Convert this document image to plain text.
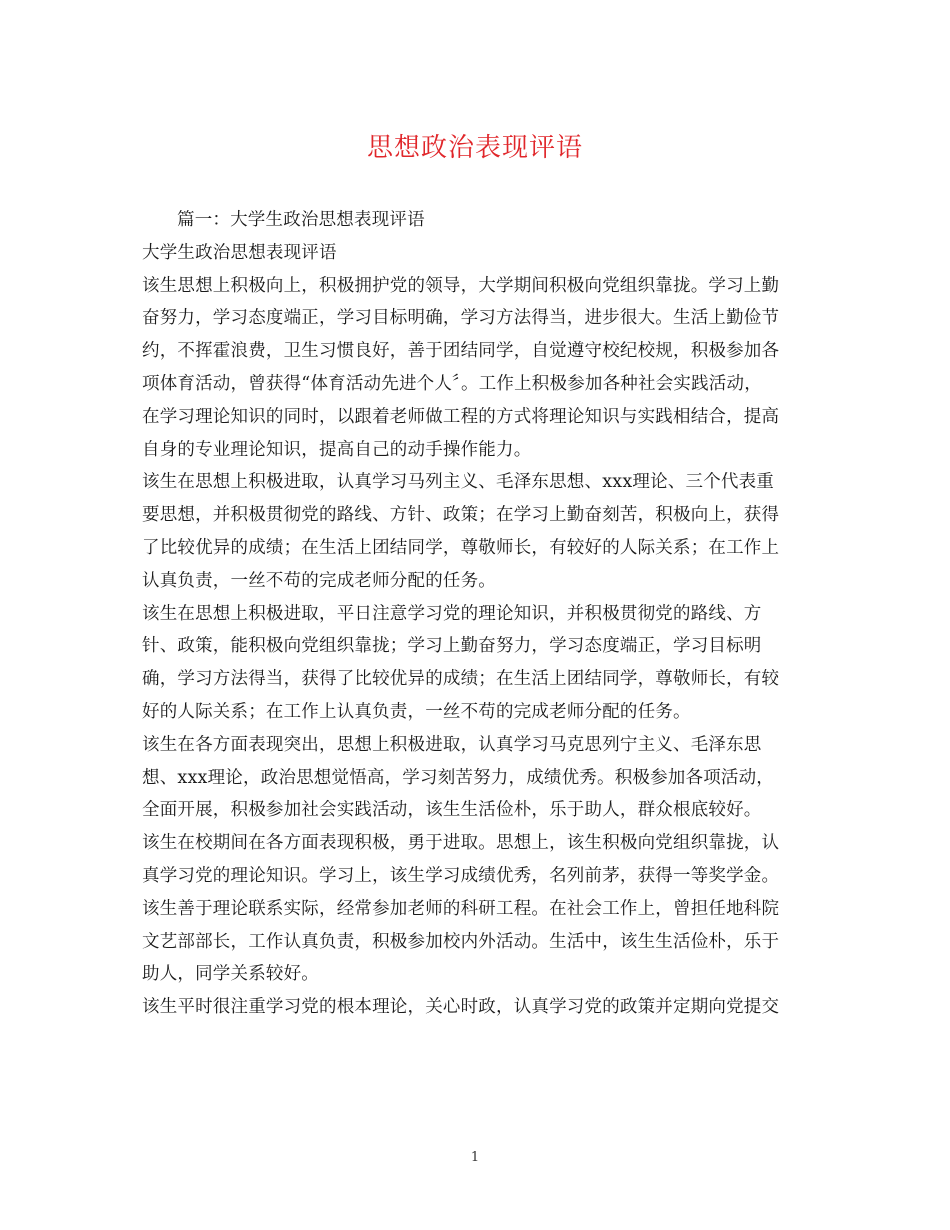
思想政治表现评语
篇一：大学生政治思想表现评语
大学生政治思想表现评语
该生思想上积极向上，积极拥护党的领导，大学期间积极向党组织靠拢。学习上勤
奋努力，学习态度端正，学习目标明确，学习方法得当，进步很大。生活上勤俭节
约，不挥霍浪费，卫生习惯良好，善于团结同学，自觉遵守校纪校规，积极参加各
项体育活动，曾获得“体育活动先进个人〞。工作上积极参加各种社会实践活动，
在学习理论知识的同时，以跟着老师做工程的方式将理论知识与实践相结合，提高
自身的专业理论知识，提高自己的动手操作能力。
该生在思想上积极进取，认真学习马列主义、毛泽东思想、xxx理论、三个代表重
要思想，并积极贯彻党的路线、方针、政策；在学习上勤奋刻苦，积极向上，获得
了比较优异的成绩；在生活上团结同学，尊敬师长，有较好的人际关系；在工作上
认真负责，一丝不苟的完成老师分配的任务。
该生在思想上积极进取，平日注意学习党的理论知识，并积极贯彻党的路线、方
针、政策，能积极向党组织靠拢；学习上勤奋努力，学习态度端正，学习目标明
确，学习方法得当，获得了比较优异的成绩；在生活上团结同学，尊敬师长，有较
好的人际关系；在工作上认真负责，一丝不苟的完成老师分配的任务。
该生在各方面表现突出，思想上积极进取，认真学习马克思列宁主义、毛泽东思
想、xxx理论，政治思想觉悟高，学习刻苦努力，成绩优秀。积极参加各项活动，
全面开展，积极参加社会实践活动，该生生活俭朴，乐于助人，群众根底较好。
该生在校期间在各方面表现积极，勇于进取。思想上，该生积极向党组织靠拢，认
真学习党的理论知识。学习上，该生学习成绩优秀，名列前茅，获得一等奖学金。
该生善于理论联系实际，经常参加老师的科研工程。在社会工作上，曾担任地科院
文艺部部长，工作认真负责，积极参加校内外活动。生活中，该生生活俭朴，乐于
助人，同学关系较好。
该生平时很注重学习党的根本理论，关心时政，认真学习党的政策并定期向党提交
1
